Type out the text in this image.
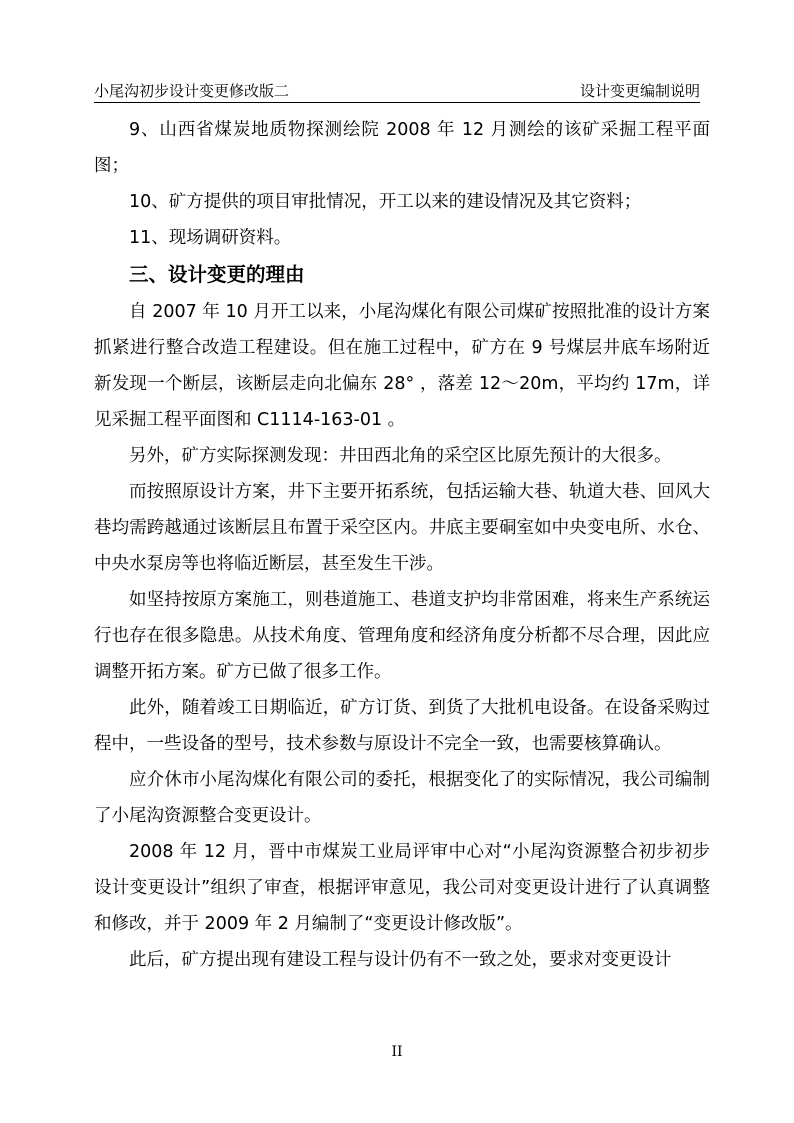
小尾沟初步设计变更修改版二	设计变更编制说明

9、山西省煤炭地质物探测绘院 2008 年 12 月测绘的该矿采掘工程平面图；

10、矿方提供的项目审批情况，开工以来的建设情况及其它资料；

11、现场调研资料。

三、设计变更的理由

自 2007 年 10 月开工以来，小尾沟煤化有限公司煤矿按照批准的设计方案抓紧进行整合改造工程建设。但在施工过程中，矿方在 9 号煤层井底车场附近新发现一个断层，该断层走向北偏东 28° ，落差 12～20m，平均约 17m，详见采掘工程平面图和 C1114-163-01 。

另外，矿方实际探测发现：井田西北角的采空区比原先预计的大很多。

而按照原设计方案，井下主要开拓系统，包括运输大巷、轨道大巷、回风大巷均需跨越通过该断层且布置于采空区内。井底主要硐室如中央变电所、水仓、中央水泵房等也将临近断层，甚至发生干涉。

如坚持按原方案施工，则巷道施工、巷道支护均非常困难，将来生产系统运行也存在很多隐患。从技术角度、管理角度和经济角度分析都不尽合理，因此应调整开拓方案。矿方已做了很多工作。

此外，随着竣工日期临近，矿方订货、到货了大批机电设备。在设备采购过程中，一些设备的型号，技术参数与原设计不完全一致，也需要核算确认。

应介休市小尾沟煤化有限公司的委托，根据变化了的实际情况，我公司编制了小尾沟资源整合变更设计。

2008 年 12 月，晋中市煤炭工业局评审中心对“小尾沟资源整合初步初步设计变更设计”组织了审查，根据评审意见，我公司对变更设计进行了认真调整和修改，并于 2009 年 2 月编制了“变更设计修改版”。

此后，矿方提出现有建设工程与设计仍有不一致之处，要求对变更设计

II
